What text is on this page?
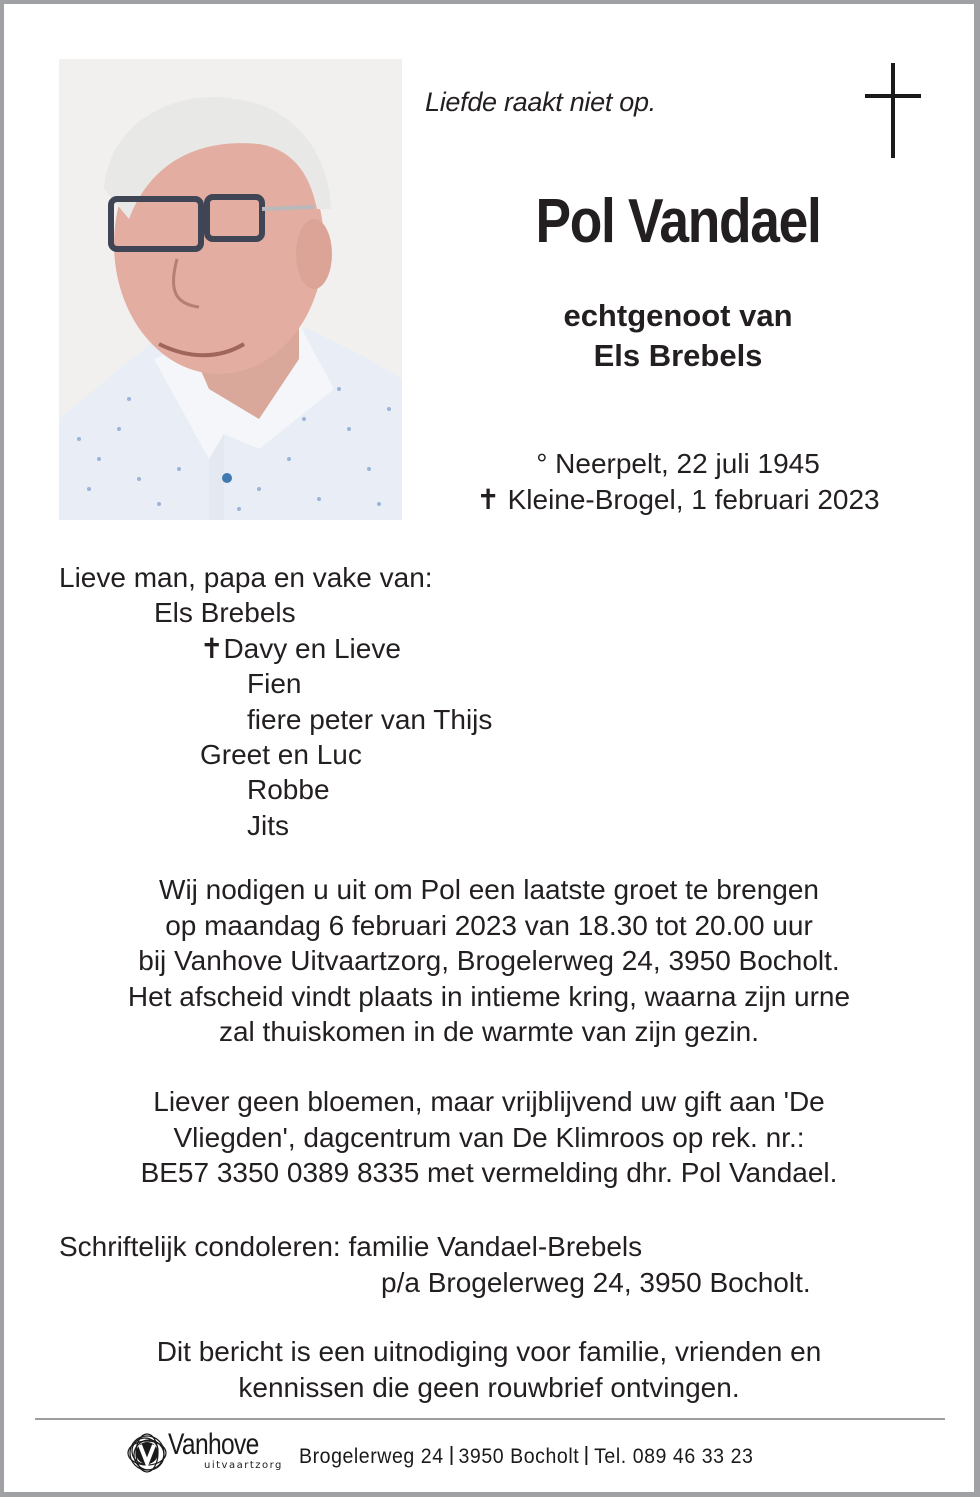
Liefde raakt niet op.
Pol Vandael
echtgenoot van
Els Brebels
° Neerpelt, 22 juli 1945
✝ Kleine-Brogel, 1 februari 2023
Lieve man, papa en vake van:
Els Brebels
✝Davy en Lieve
Fien
fiere peter van Thijs
Greet en Luc
Robbe
Jits
Wij nodigen u uit om Pol een laatste groet te brengen
op maandag 6 februari 2023 van 18.30 tot 20.00 uur
bij Vanhove Uitvaartzorg, Brogelerweg 24, 3950 Bocholt.
Het afscheid vindt plaats in intieme kring, waarna zijn urne
zal thuiskomen in de warmte van zijn gezin.
Liever geen bloemen, maar vrijblijvend uw gift aan 'De
Vliegden', dagcentrum van De Klimroos op rek. nr.:
BE57 3350 0389 8335 met vermelding dhr. Pol Vandael.
Schriftelijk condoleren: familie Vandael-Brebels
p/a Brogelerweg 24, 3950 Bocholt.
Dit bericht is een uitnodiging voor familie, vrienden en
kennissen die geen rouwbrief ontvingen.
Vanhove
uitvaartzorg Brogelerweg 24 3950 Bocholt Tel. 089 46 33 23
